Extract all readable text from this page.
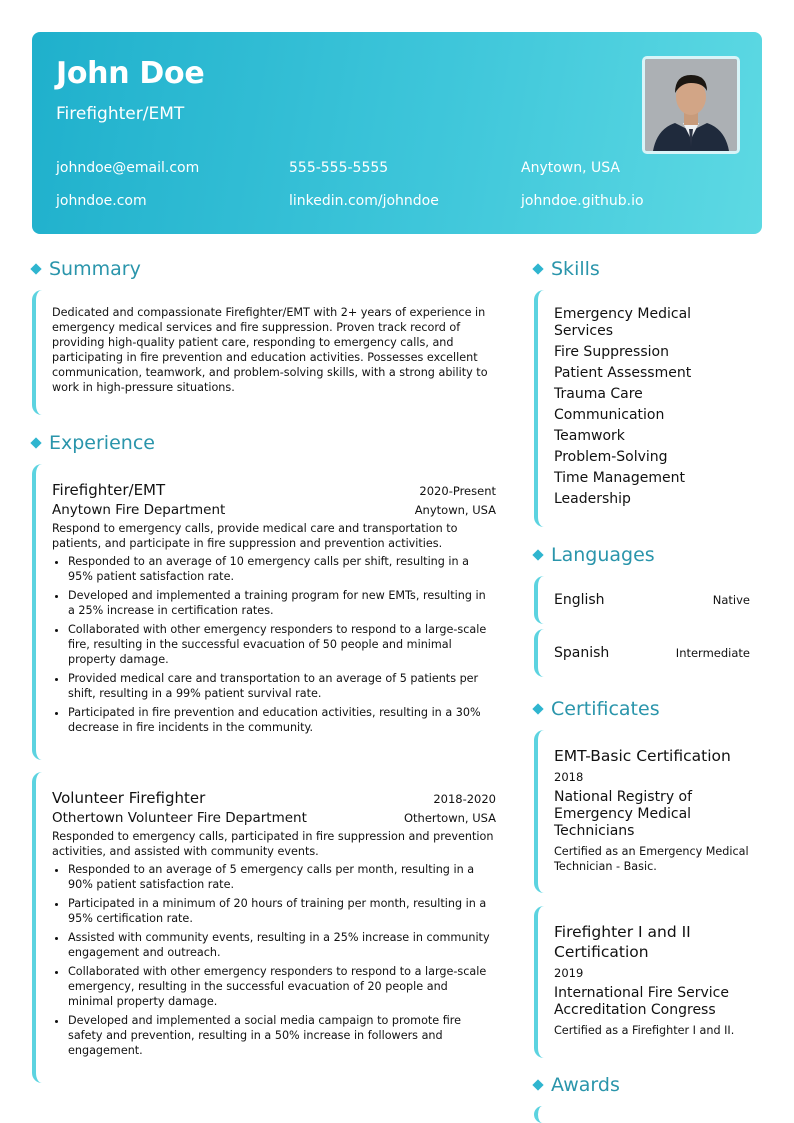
John Doe
Firefighter/EMT
johndoe@email.com	555-555-5555	Anytown, USA
johndoe.com	linkedin.com/johndoe	johndoe.github.io
Summary
Dedicated and compassionate Firefighter/EMT with 2+ years of experience in emergency medical services and fire suppression. Proven track record of providing high-quality patient care, responding to emergency calls, and participating in fire prevention and education activities. Possesses excellent communication, teamwork, and problem-solving skills, with a strong ability to work in high-pressure situations.
Experience
Firefighter/EMT	2020-Present
Anytown Fire Department	Anytown, USA
Respond to emergency calls, provide medical care and transportation to patients, and participate in fire suppression and prevention activities.
• Responded to an average of 10 emergency calls per shift, resulting in a 95% patient satisfaction rate.
• Developed and implemented a training program for new EMTs, resulting in a 25% increase in certification rates.
• Collaborated with other emergency responders to respond to a large-scale fire, resulting in the successful evacuation of 50 people and minimal property damage.
• Provided medical care and transportation to an average of 5 patients per shift, resulting in a 99% patient survival rate.
• Participated in fire prevention and education activities, resulting in a 30% decrease in fire incidents in the community.
Volunteer Firefighter	2018-2020
Othertown Volunteer Fire Department	Othertown, USA
Responded to emergency calls, participated in fire suppression and prevention activities, and assisted with community events.
• Responded to an average of 5 emergency calls per month, resulting in a 90% patient satisfaction rate.
• Participated in a minimum of 20 hours of training per month, resulting in a 95% certification rate.
• Assisted with community events, resulting in a 25% increase in community engagement and outreach.
• Collaborated with other emergency responders to respond to a large-scale emergency, resulting in the successful evacuation of 20 people and minimal property damage.
• Developed and implemented a social media campaign to promote fire safety and prevention, resulting in a 50% increase in followers and engagement.
Skills
Emergency Medical Services
Fire Suppression
Patient Assessment
Trauma Care
Communication
Teamwork
Problem-Solving
Time Management
Leadership
Languages
English	Native
Spanish	Intermediate
Certificates
EMT-Basic Certification
2018
National Registry of Emergency Medical Technicians
Certified as an Emergency Medical Technician - Basic.
Firefighter I and II Certification
2019
International Fire Service Accreditation Congress
Certified as a Firefighter I and II.
Awards
